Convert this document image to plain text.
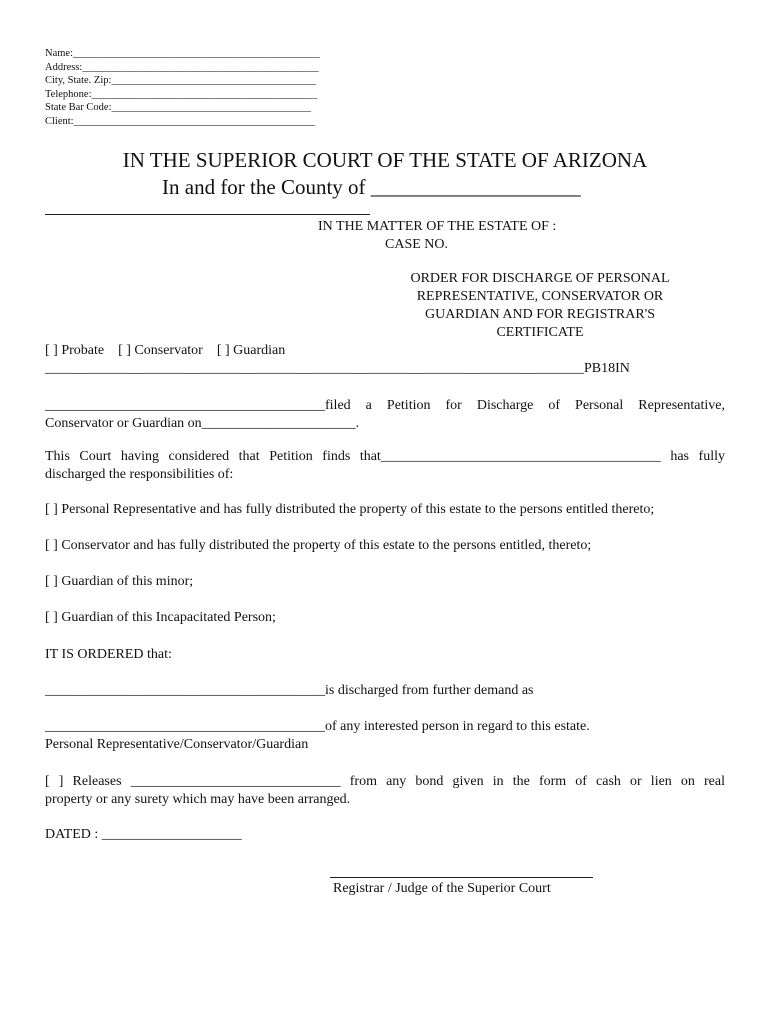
Name:_______________________________________________
Address:_____________________________________________
City, State. Zip:_______________________________________
Telephone:___________________________________________
State Bar Code:______________________________________
Client:______________________________________________
IN THE SUPERIOR COURT OF THE STATE OF ARIZONA
In and for the County of ____________________
IN THE MATTER OF THE ESTATE OF :
CASE NO.
ORDER FOR DISCHARGE OF PERSONAL
REPRESENTATIVE, CONSERVATOR OR
GUARDIAN AND FOR REGISTRAR'S
CERTIFICATE
[ ] Probate [ ] Conservator [ ] Guardian
_____________________________________________________________________________PB18IN
________________________________________filed a Petition for Discharge of Personal Representative,
Conservator or Guardian on______________________.
This Court having considered that Petition finds that________________________________________ has fully
discharged the responsibilities of:
[ ] Personal Representative and has fully distributed the property of this estate to the persons entitled thereto;
[ ] Conservator and has fully distributed the property of this estate to the persons entitled, thereto;
[ ] Guardian of this minor;
[ ] Guardian of this Incapacitated Person;
IT IS ORDERED that:
________________________________________is discharged from further demand as
________________________________________of any interested person in regard to this estate.
Personal Representative/Conservator/Guardian
[ ] Releases ______________________________ from any bond given in the form of cash or lien on real
property or any surety which may have been arranged.
DATED : ____________________
Registrar / Judge of the Superior Court
